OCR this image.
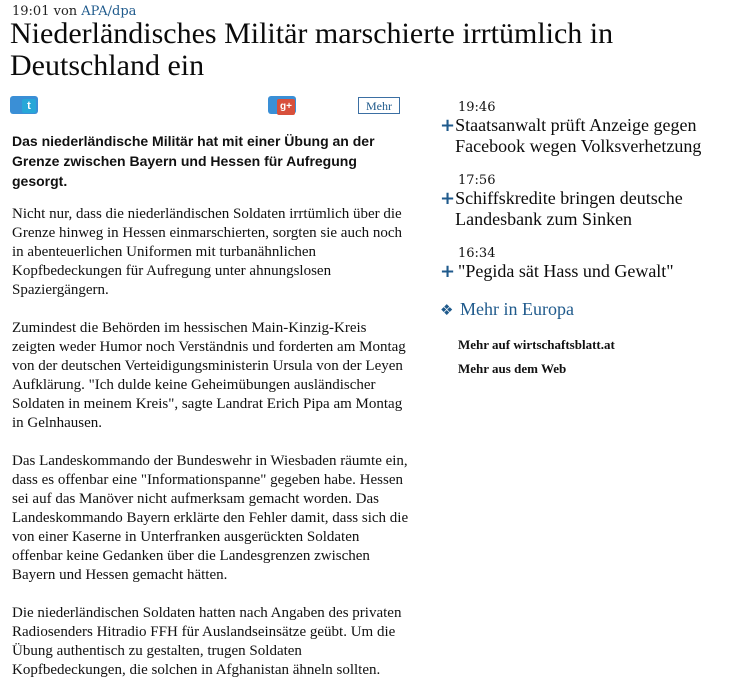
19:01 von APA/dpa
Niederländisches Militär marschierte irrtümlich in Deutschland ein
t	g+	Mehr

Das niederländische Militär hat mit einer Übung an der Grenze zwischen Bayern und Hessen für Aufregung gesorgt.

Nicht nur, dass die niederländischen Soldaten irrtümlich über die Grenze hinweg in Hessen einmarschierten, sorgten sie auch noch in abenteuerlichen Uniformen mit turbanähnlichen Kopfbedeckungen für Aufregung unter ahnungslosen Spaziergängern.

Zumindest die Behörden im hessischen Main-Kinzig-Kreis zeigten weder Humor noch Verständnis und forderten am Montag von der deutschen Verteidigungsministerin Ursula von der Leyen Aufklärung. "Ich dulde keine Geheimübungen ausländischer Soldaten in meinem Kreis", sagte Landrat Erich Pipa am Montag in Gelnhausen.

Das Landeskommando der Bundeswehr in Wiesbaden räumte ein, dass es offenbar eine "Informationspanne" gegeben habe. Hessen sei auf das Manöver nicht aufmerksam gemacht worden. Das Landeskommando Bayern erklärte den Fehler damit, dass sich die von einer Kaserne in Unterfranken ausgerückten Soldaten offenbar keine Gedanken über die Landesgrenzen zwischen Bayern und Hessen gemacht hätten.

Die niederländischen Soldaten hatten nach Angaben des privaten Radiosenders Hitradio FFH für Auslandseinsätze geübt. Um die Übung authentisch zu gestalten, trugen Soldaten Kopfbedeckungen, die solchen in Afghanistan ähneln sollten.

19:46
+ Staatsanwalt prüft Anzeige gegen Facebook wegen Volksverhetzung
17:56
+ Schiffskredite bringen deutsche Landesbank zum Sinken
16:34
+ "Pegida sät Hass und Gewalt"
❖ Mehr in Europa
Mehr auf wirtschaftsblatt.at
Mehr aus dem Web
